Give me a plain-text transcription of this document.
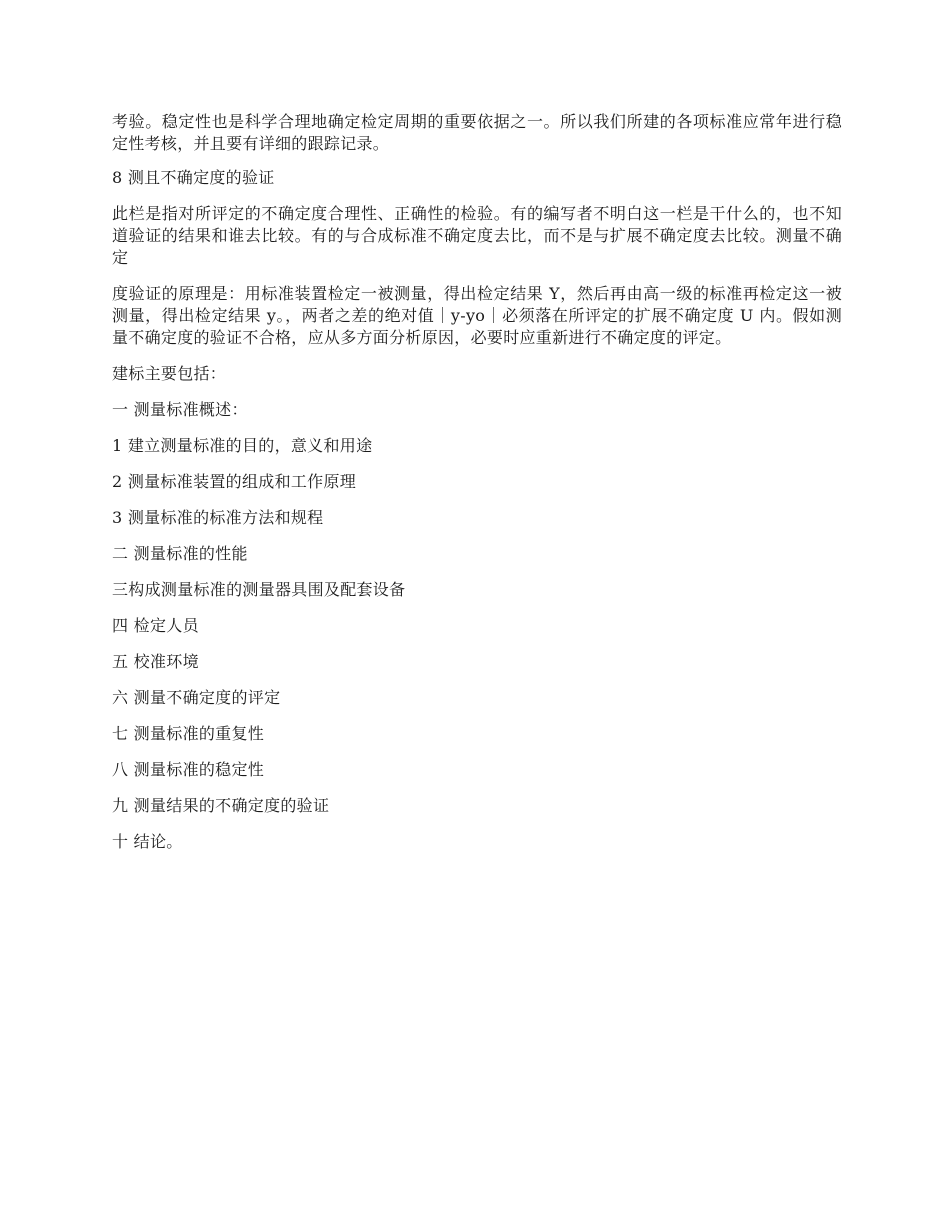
考验。稳定性也是科学合理地确定检定周期的重要依据之一。所以我们所建的各项标准应常年进行稳定性考核，并且要有详细的跟踪记录。

8 测且不确定度的验证

此栏是指对所评定的不确定度合理性、正确性的检验。有的编写者不明白这一栏是干什么的，也不知道验证的结果和谁去比较。有的与合成标准不确定度去比，而不是与扩展不确定度去比较。测量不确定

度验证的原理是：用标准装置检定一被测量，得出检定结果 Y，然后再由高一级的标准再检定这一被测量，得出检定结果 y。，两者之差的绝对值｜y-yo｜必须落在所评定的扩展不确定度 U 内。假如测量不确定度的验证不合格，应从多方面分析原因，必要时应重新进行不确定度的评定。

建标主要包括：

一 测量标准概述：

1 建立测量标准的目的，意义和用途

2 测量标准装置的组成和工作原理

3 测量标准的标准方法和规程

二 测量标准的性能

三构成测量标准的测量器具围及配套设备

四 检定人员

五 校准环境

六 测量不确定度的评定

七 测量标准的重复性

八 测量标准的稳定性

九 测量结果的不确定度的验证

十 结论。
